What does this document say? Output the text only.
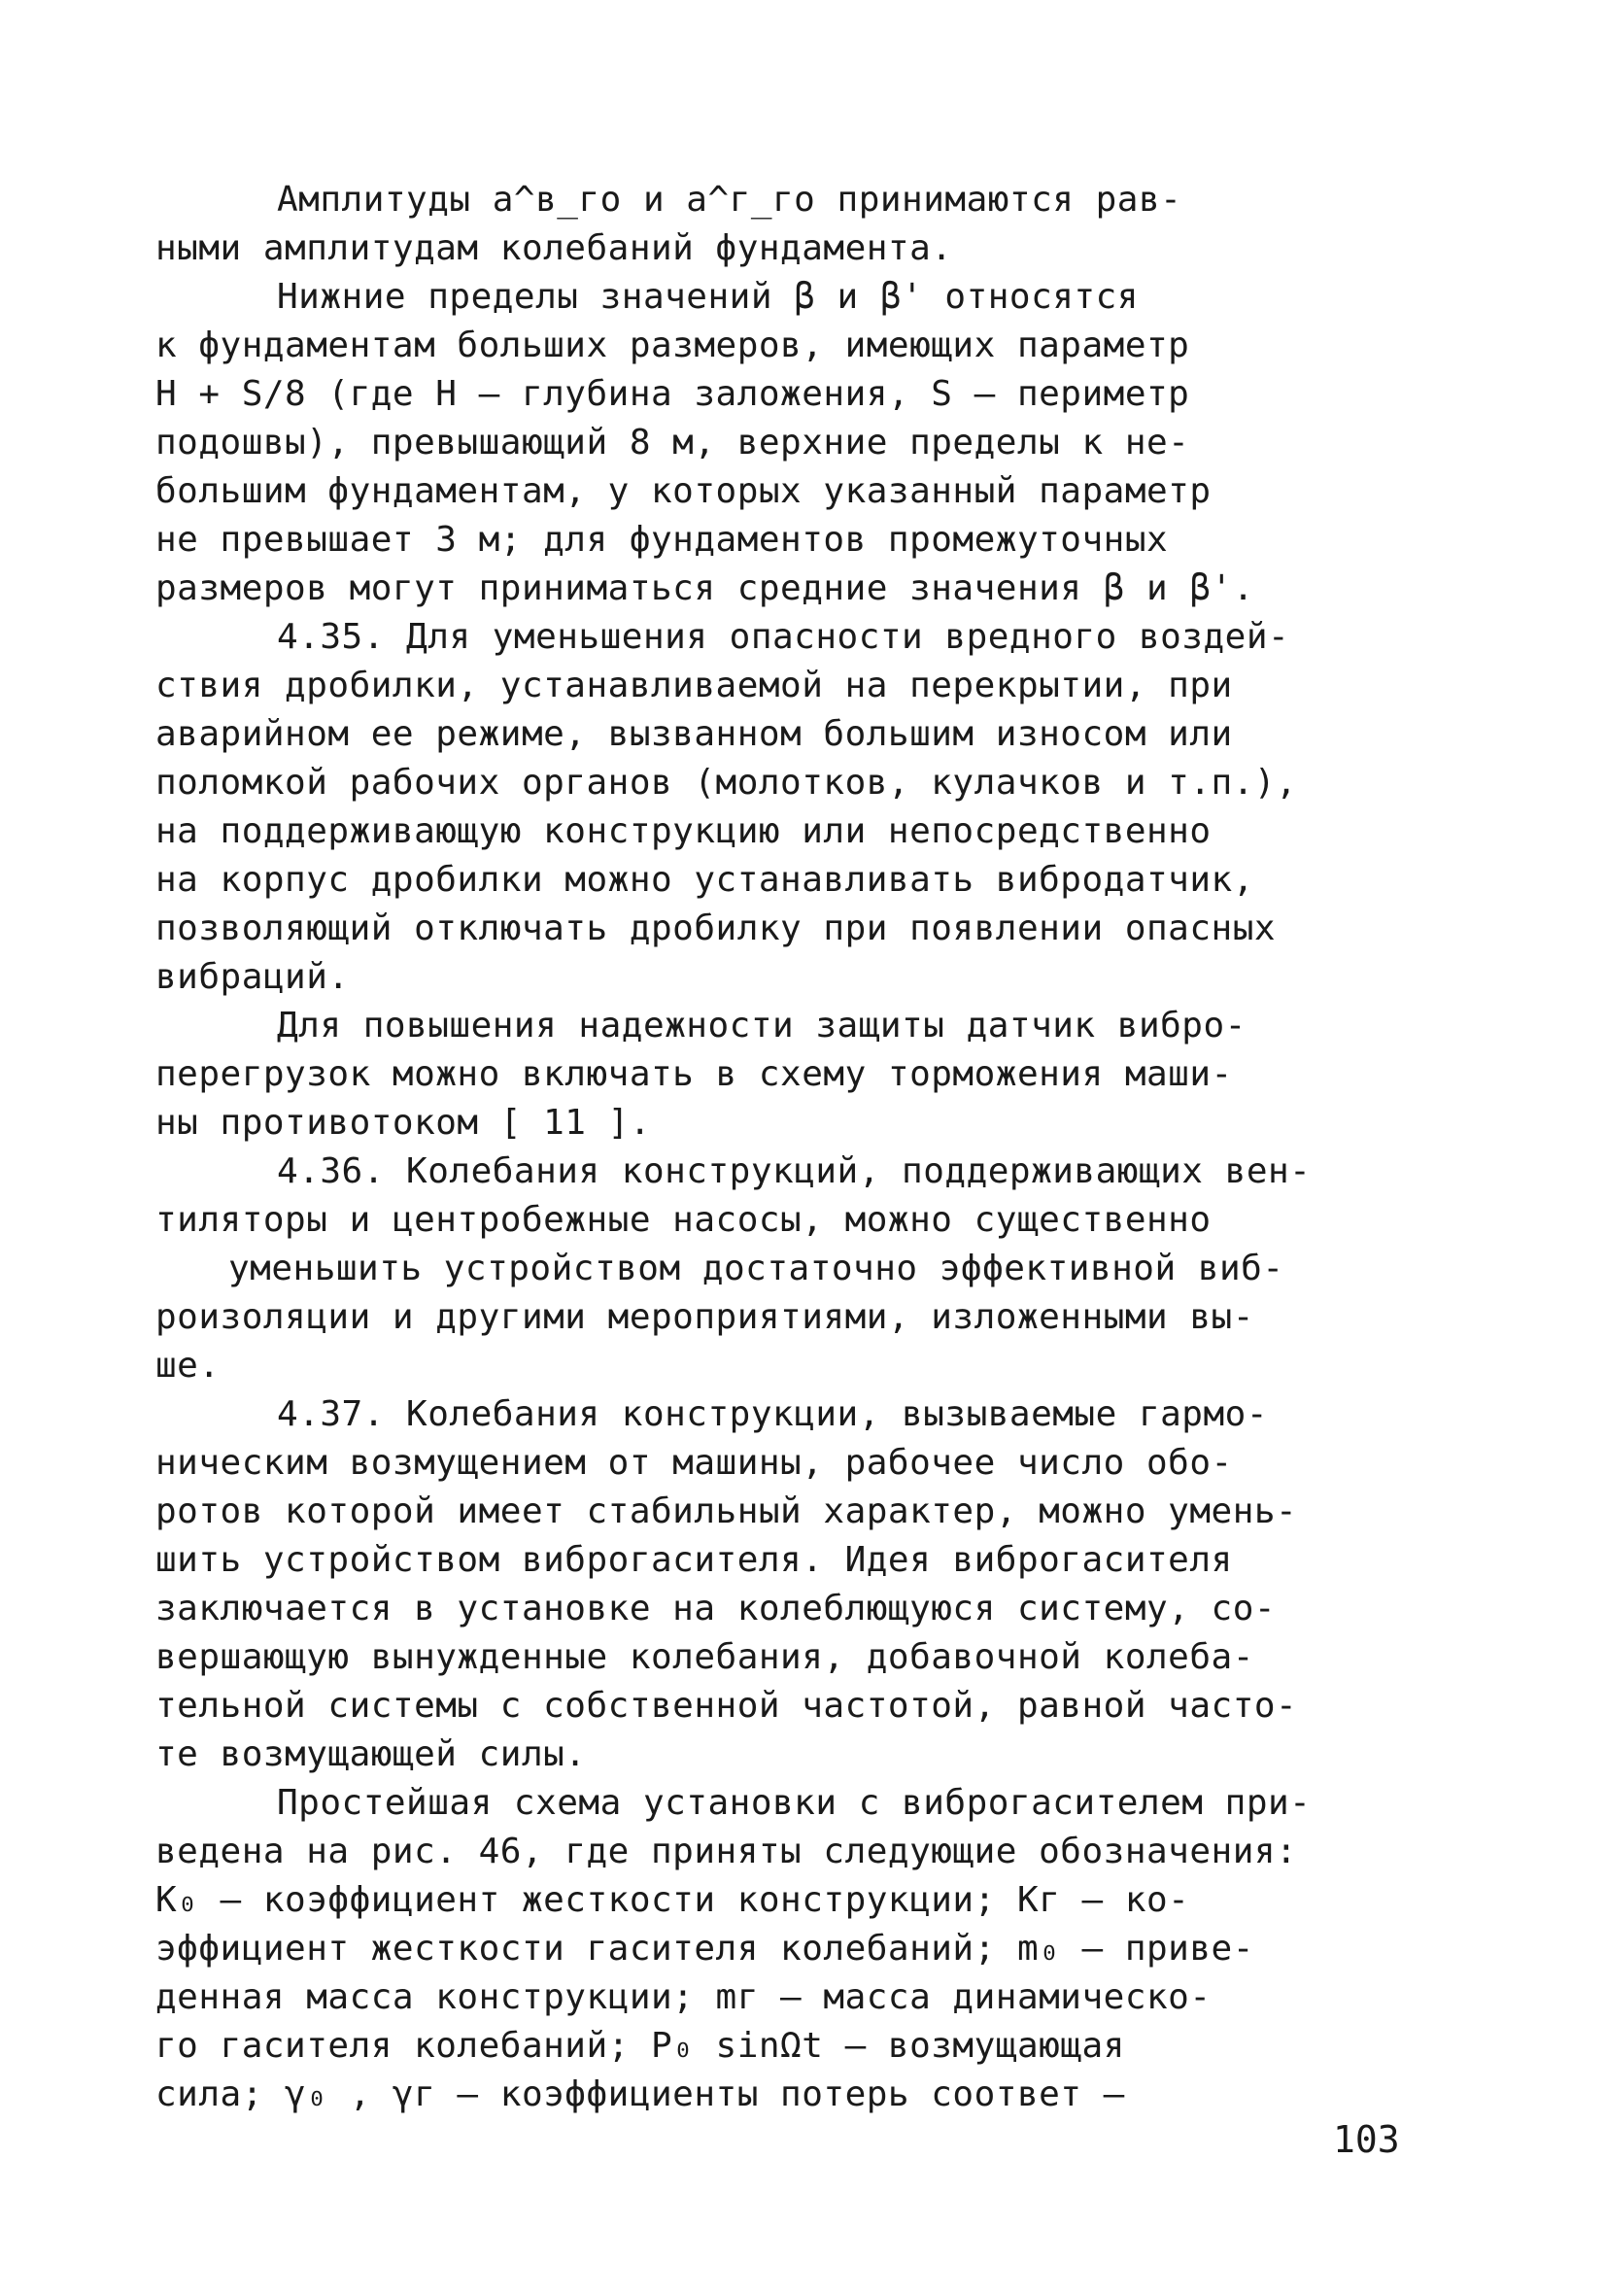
Амплитуды a^в_го и a^г_го принимаются рав-
ными амплитудам колебаний фундамента.
Нижние пределы значений β и β' относятся
к фундаментам больших размеров, имеющих параметр
Н + S/8 (где Н – глубина заложения, S – периметр
подошвы), превышающий 8 м, верхние пределы к не-
большим фундаментам, у которых указанный параметр
не превышает 3 м; для фундаментов промежуточных
размеров могут приниматься средние значения β и β'.
4.35. Для уменьшения опасности вредного воздей-
ствия дробилки, устанавливаемой на перекрытии, при
аварийном ее режиме, вызванном большим износом или
поломкой рабочих органов (молотков, кулачков и т.п.),
на поддерживающую конструкцию или непосредственно
на корпус дробилки можно устанавливать вибродатчик,
позволяющий отключать дробилку при появлении опасных
вибраций.
Для повышения надежности защиты датчик вибро-
перегрузок можно включать в схему торможения маши-
ны противотоком [ 11 ].
4.36. Колебания конструкций, поддерживающих вен-
тиляторы и центробежные насосы, можно существенно
уменьшить устройством достаточно эффективной виб-
роизоляции и другими мероприятиями, изложенными вы-
ше.
4.37. Колебания конструкции, вызываемые гармо-
ническим возмущением от машины, рабочее число обо-
ротов которой имеет стабильный характер, можно умень-
шить устройством виброгасителя. Идея виброгасителя
заключается в установке на колеблющуюся систему, со-
вершающую вынужденные колебания, добавочной колеба-
тельной системы с собственной частотой, равной часто-
те возмущающей силы.
Простейшая схема установки с виброгасителем при-
ведена на рис. 46, где приняты следующие обозначения:
K₀ – коэффициент жесткости конструкции; Kг – ко-
эффициент жесткости гасителя колебаний; m₀ – приве-
денная масса конструкции; mг – масса динамическо-
го гасителя колебаний; P₀ sinΩt – возмущающая
сила; γ₀ , γг – коэффициенты потерь соответ –
103
